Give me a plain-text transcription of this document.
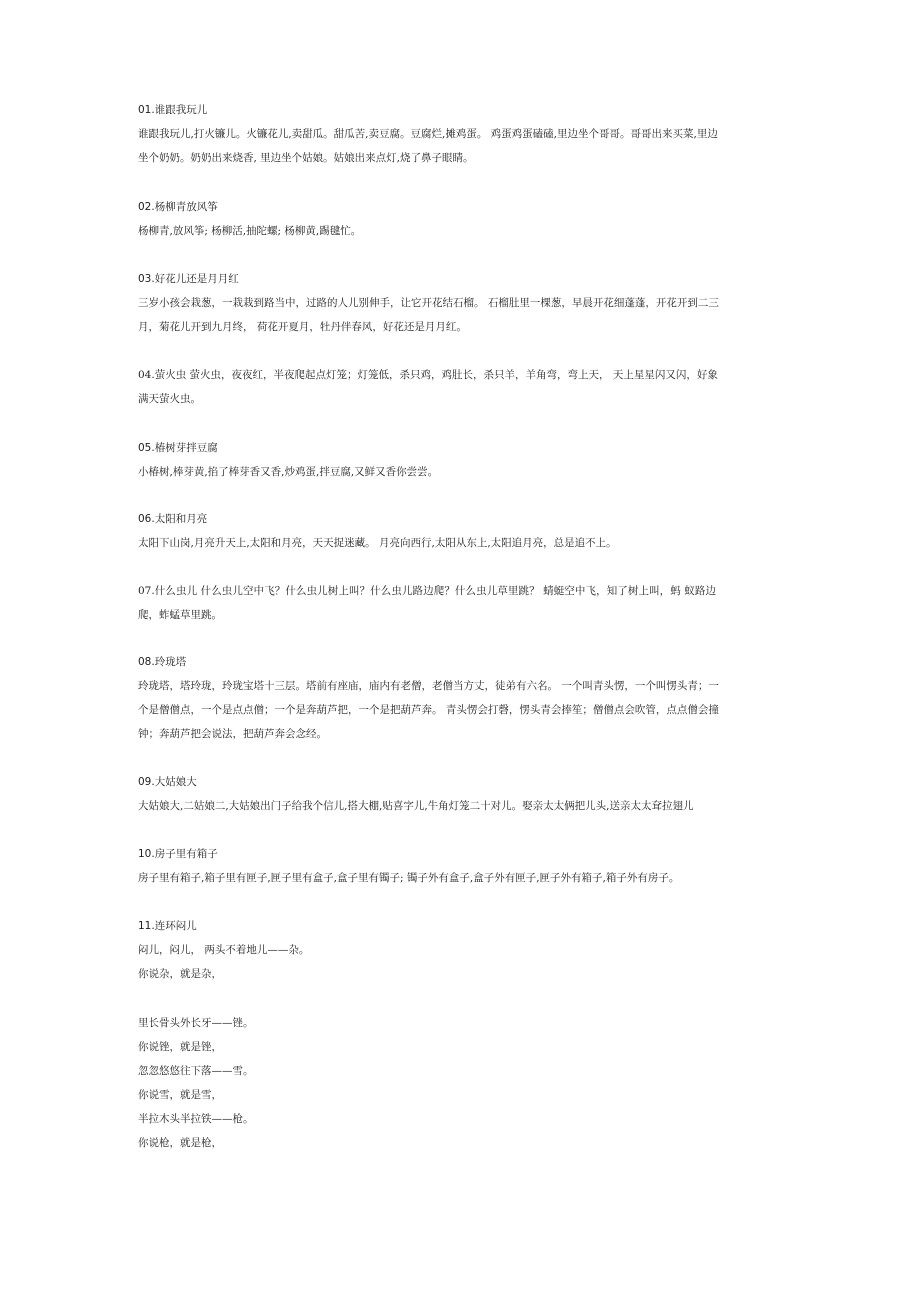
01.谁跟我玩儿
谁跟我玩儿,打火镰儿。火镰花儿,卖甜瓜。甜瓜苦,卖豆腐。豆腐烂,摊鸡蛋。 鸡蛋鸡蛋磕磕,里边坐个哥哥。哥哥出来买菜,里边
坐个奶奶。奶奶出来烧香, 里边坐个姑娘。姑娘出来点灯,烧了鼻子眼睛。
02.杨柳青放风筝
杨柳青,放风筝; 杨柳活,抽陀螺; 杨柳黄,踢毽忙。
03.好花儿还是月月红
三岁小孩会栽葱，一栽栽到路当中，过路的人儿别伸手，让它开花结石榴。 石榴肚里一棵葱，早晨开花细蓬蓬，开花开到二三
月，菊花儿开到九月终， 荷花开夏月，牡丹伴春风，好花还是月月红。
04.萤火虫 萤火虫，夜夜红，半夜爬起点灯笼；灯笼低，杀只鸡，鸡肚长，杀只羊，羊角弯，弯上天， 天上星星闪又闪，好象
满天萤火虫。
05.椿树芽拌豆腐
小椿树,棒芽黄,掐了棒芽香又香,炒鸡蛋,拌豆腐,又鲜又香你尝尝。
06.太阳和月亮
太阳下山岗,月亮升天上,太阳和月亮，天天捉迷藏。 月亮向西行,太阳从东上,太阳追月亮，总是追不上。
07.什么虫儿 什么虫儿空中飞？什么虫儿树上叫？什么虫儿路边爬？什么虫儿草里跳？ 蜻蜓空中飞，知了树上叫，蚂 蚁路边
爬，蚱蜢草里跳。
08.玲珑塔
玲珑塔，塔玲珑，玲珑宝塔十三层。塔前有座庙，庙内有老僧，老僧当方丈，徒弟有六名。 一个叫青头愣，一个叫愣头青；一
个是僧僧点，一个是点点僧；一个是奔葫芦把，一个是把葫芦奔。 青头愣会打磬，愣头青会捧笙；僧僧点会吹管，点点僧会撞
钟；奔葫芦把会说法，把葫芦奔会念经。
09.大姑娘大
大姑娘大,二姑娘二,大姑娘出门子给我个信儿,搭大棚,贴喜字儿,牛角灯笼二十对儿。娶亲太太俩把儿头,送亲太太耷拉翅儿
10.房子里有箱子
房子里有箱子,箱子里有匣子,匣子里有盒子,盒子里有镯子; 镯子外有盒子,盒子外有匣子,匣子外有箱子,箱子外有房子。
11.连环闷儿
闷儿，闷儿， 两头不着地儿——杂。
你说杂，就是杂，
里长骨头外长牙——锉。
你说锉，就是锉，
忽忽悠悠往下落——雪。
你说雪，就是雪，
半拉木头半拉铁——枪。
你说枪，就是枪，
